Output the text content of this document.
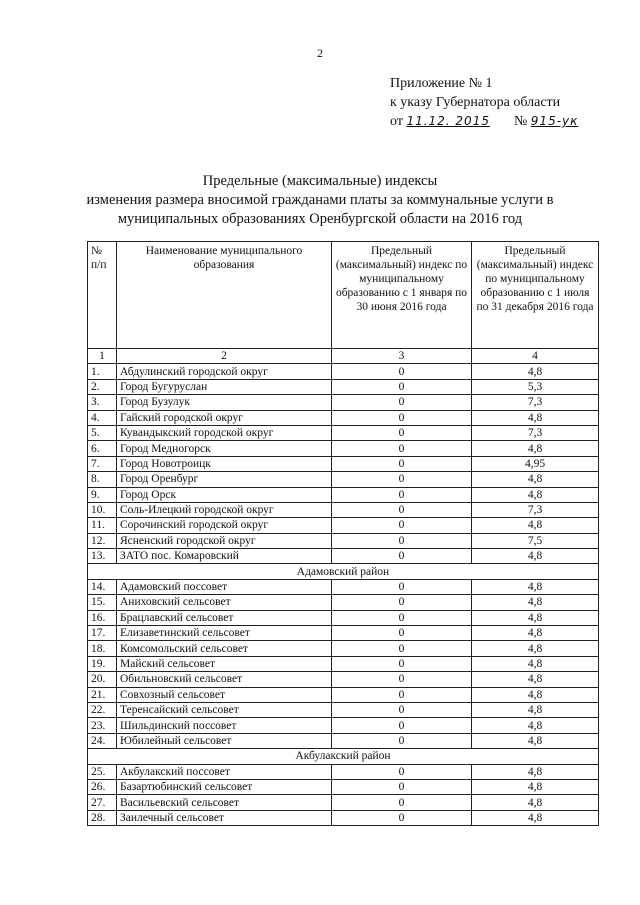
2
Приложение № 1
к указу Губернатора области
от 11.12. 2015 № 915-ук
Предельные (максимальные) индексы
изменения размера вносимой гражданами платы за коммунальные услуги в
муниципальных образованиях Оренбургской области на 2016 год
№ п/п	Наименование муниципального образования	Предельный (максимальный) индекс по муниципальному образованию с 1 января по 30 июня 2016 года	Предельный (максимальный) индекс по муниципальному образованию с 1 июля по 31 декабря 2016 года
1	2	3	4
1.	Абдулинский городской округ	0	4,8
2.	Город Бугуруслан	0	5,3
3.	Город Бузулук	0	7,3
4.	Гайский городской округ	0	4,8
5.	Кувандыкский городской округ	0	7,3
6.	Город Медногорск	0	4,8
7.	Город Новотроицк	0	4,95
8.	Город Оренбург	0	4,8
9.	Город Орск	0	4,8
10.	Соль-Илецкий городской округ	0	7,3
11.	Сорочинский городской округ	0	4,8
12.	Ясненский городской округ	0	7,5
13.	ЗАТО пос. Комаровский	0	4,8
Адамовский район			
14.	Адамовский поссовет	0	4,8
15.	Аниховский сельсовет	0	4,8
16.	Брацлавский сельсовет	0	4,8
17.	Елизаветинский сельсовет	0	4,8
18.	Комсомольский сельсовет	0	4,8
19.	Майский сельсовет	0	4,8
20.	Обильновский сельсовет	0	4,8
21.	Совхозный сельсовет	0	4,8
22.	Теренсайский сельсовет	0	4,8
23.	Шильдинский поссовет	0	4,8
24.	Юбилейный сельсовет	0	4,8
Акбулакский район			
25.	Акбулакский поссовет	0	4,8
26.	Базартюбинский сельсовет	0	4,8
27.	Васильевский сельсовет	0	4,8
28.	Заилечный сельсовет	0	4,8
